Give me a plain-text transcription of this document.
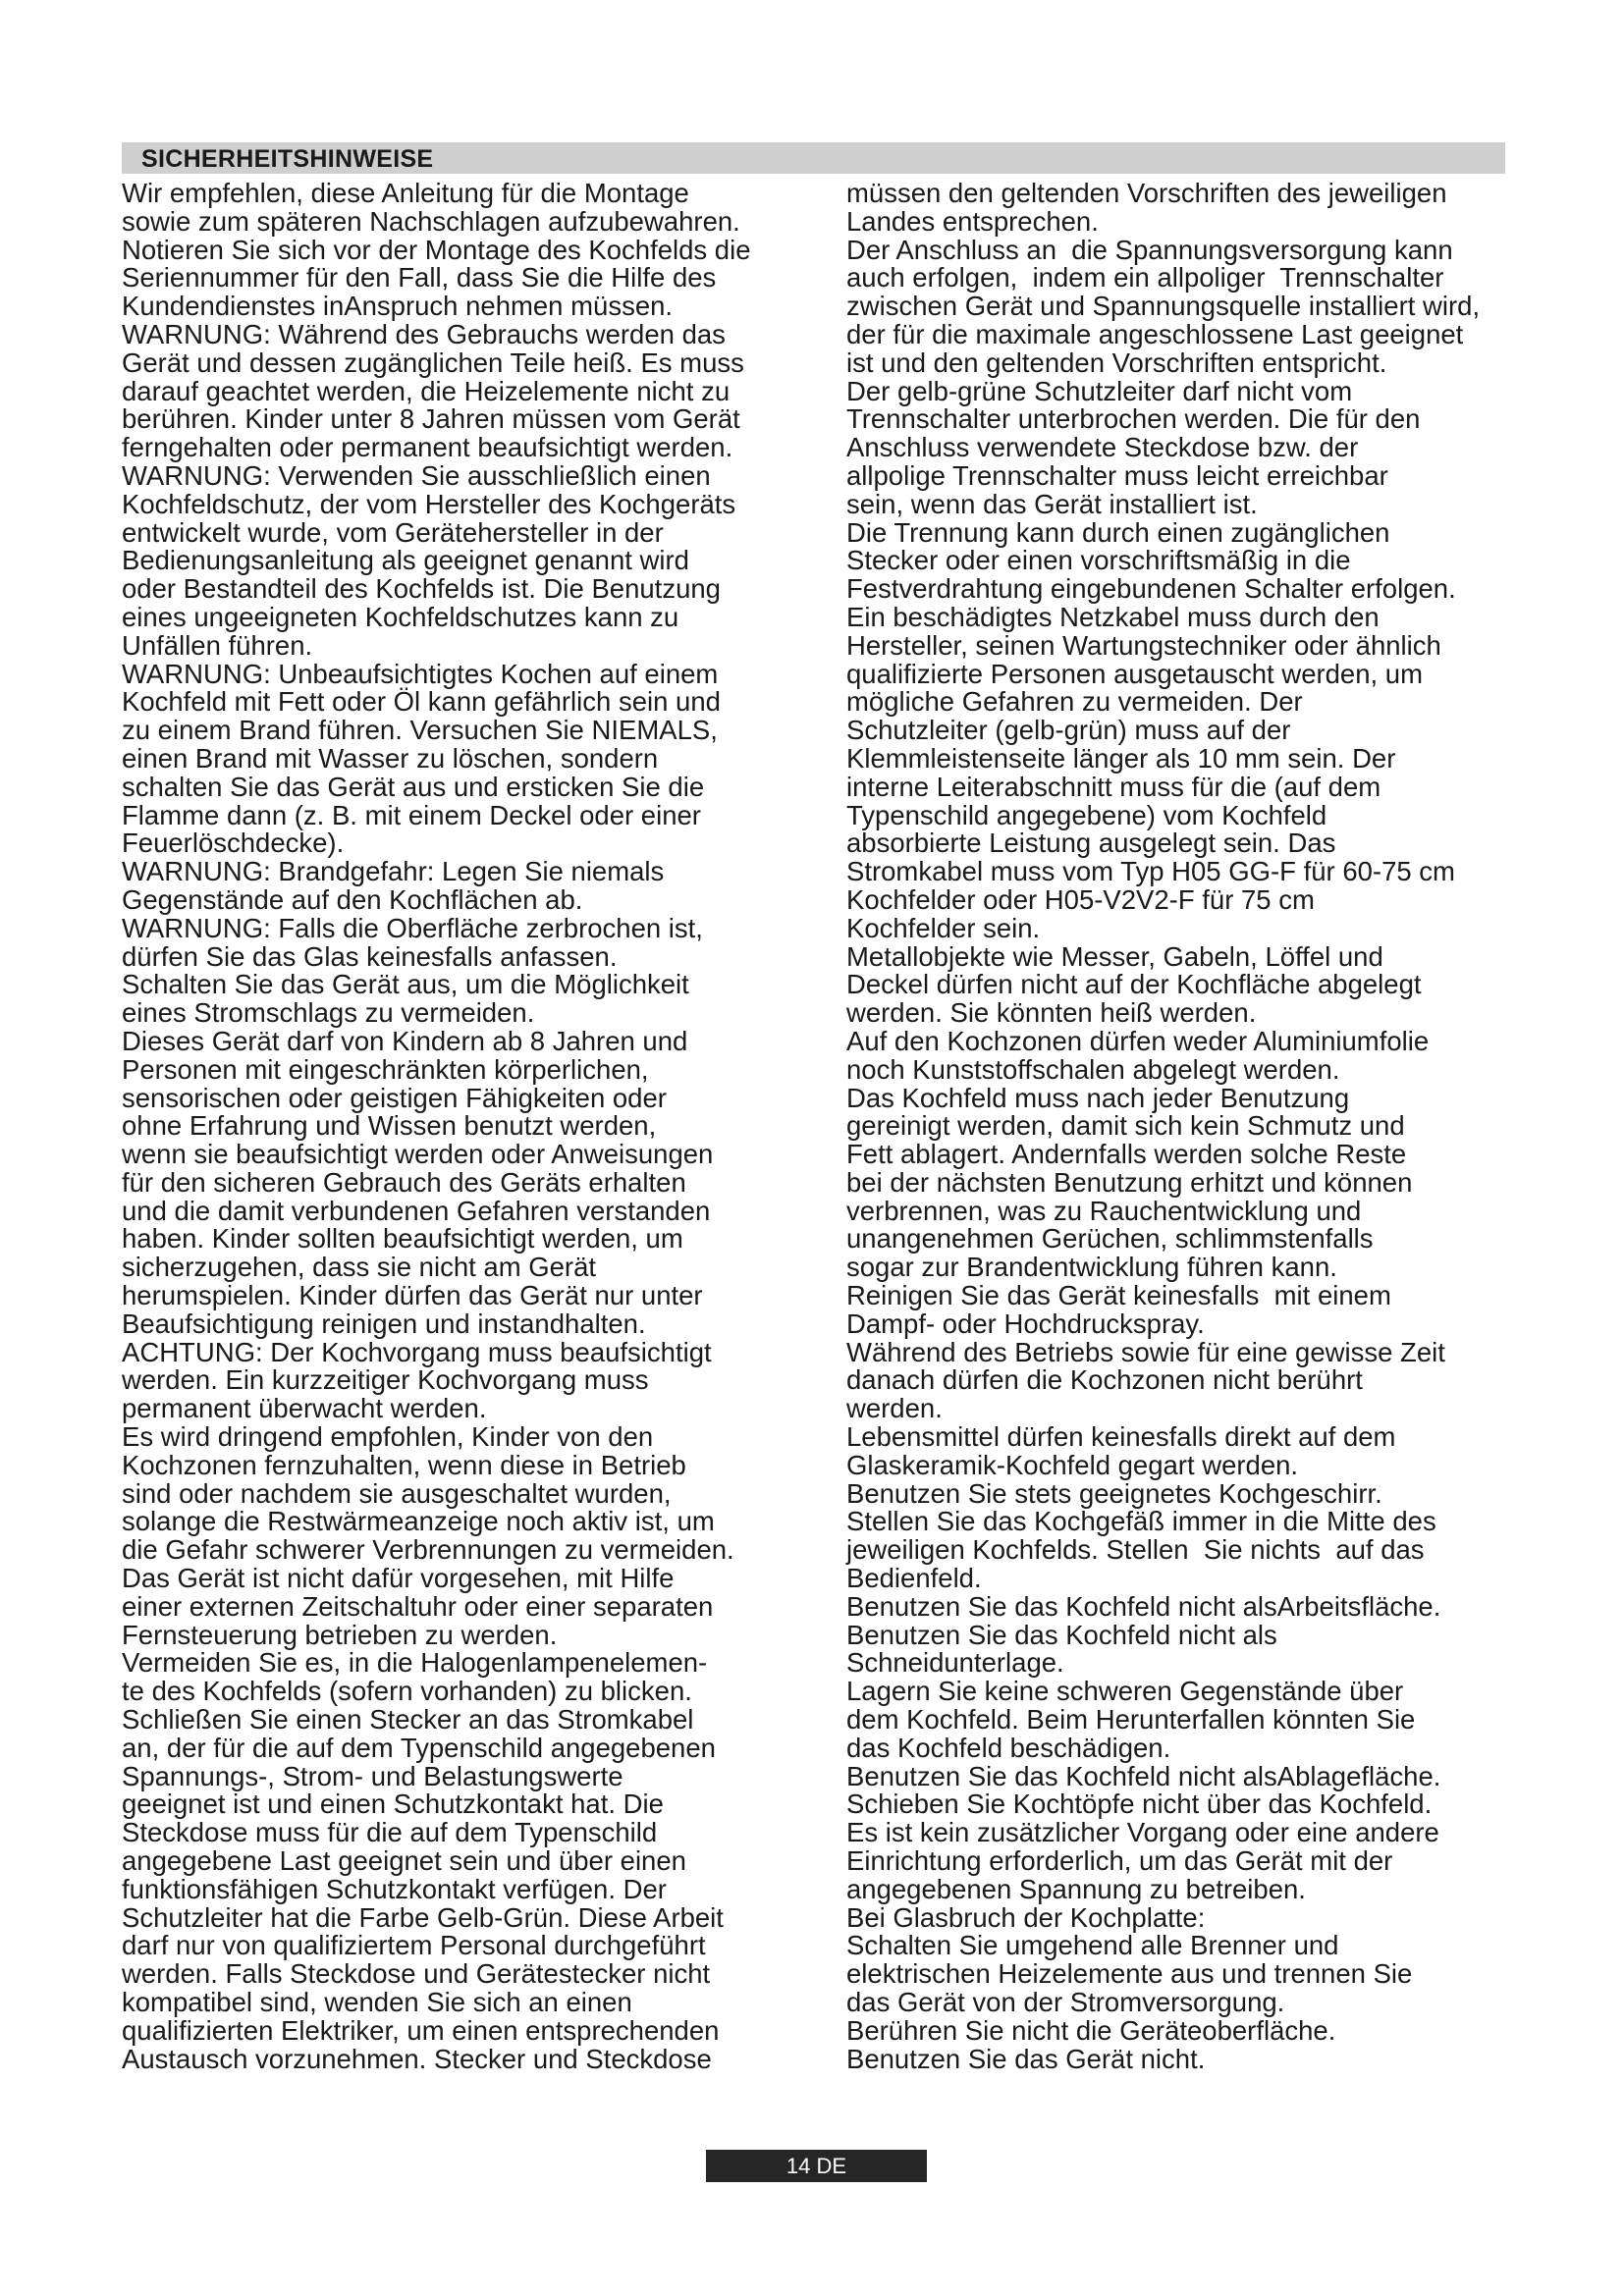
SICHERHEITSHINWEISE
Wir empfehlen, diese Anleitung für die Montage
sowie zum späteren Nachschlagen aufzubewahren.
Notieren Sie sich vor der Montage des Kochfelds die
Seriennummer für den Fall, dass Sie die Hilfe des
Kundendienstes inAnspruch nehmen müssen.
WARNUNG: Während des Gebrauchs werden das
Gerät und dessen zugänglichen Teile heiß. Es muss
darauf geachtet werden, die Heizelemente nicht zu
berühren. Kinder unter 8 Jahren müssen vom Gerät
ferngehalten oder permanent beaufsichtigt werden.
WARNUNG: Verwenden Sie ausschließlich einen
Kochfeldschutz, der vom Hersteller des Kochgeräts
entwickelt wurde, vom Gerätehersteller in der
Bedienungsanleitung als geeignet genannt wird
oder Bestandteil des Kochfelds ist. Die Benutzung
eines ungeeigneten Kochfeldschutzes kann zu
Unfällen führen.
WARNUNG: Unbeaufsichtigtes Kochen auf einem
Kochfeld mit Fett oder Öl kann gefährlich sein und
zu einem Brand führen. Versuchen Sie NIEMALS,
einen Brand mit Wasser zu löschen, sondern
schalten Sie das Gerät aus und ersticken Sie die
Flamme dann (z. B. mit einem Deckel oder einer
Feuerlöschdecke).
WARNUNG: Brandgefahr: Legen Sie niemals
Gegenstände auf den Kochflächen ab.
WARNUNG: Falls die Oberfläche zerbrochen ist,
dürfen Sie das Glas keinesfalls anfassen.
Schalten Sie das Gerät aus, um die Möglichkeit
eines Stromschlags zu vermeiden.
Dieses Gerät darf von Kindern ab 8 Jahren und
Personen mit eingeschränkten körperlichen,
sensorischen oder geistigen Fähigkeiten oder
ohne Erfahrung und Wissen benutzt werden,
wenn sie beaufsichtigt werden oder Anweisungen
für den sicheren Gebrauch des Geräts erhalten
und die damit verbundenen Gefahren verstanden
haben. Kinder sollten beaufsichtigt werden, um
sicherzugehen, dass sie nicht am Gerät
herumspielen. Kinder dürfen das Gerät nur unter
Beaufsichtigung reinigen und instandhalten.
ACHTUNG: Der Kochvorgang muss beaufsichtigt
werden. Ein kurzzeitiger Kochvorgang muss
permanent überwacht werden.
Es wird dringend empfohlen, Kinder von den
Kochzonen fernzuhalten, wenn diese in Betrieb
sind oder nachdem sie ausgeschaltet wurden,
solange die Restwärmeanzeige noch aktiv ist, um
die Gefahr schwerer Verbrennungen zu vermeiden.
Das Gerät ist nicht dafür vorgesehen, mit Hilfe
einer externen Zeitschaltuhr oder einer separaten
Fernsteuerung betrieben zu werden.
Vermeiden Sie es, in die Halogenlampenelemen-
te des Kochfelds (sofern vorhanden) zu blicken.
Schließen Sie einen Stecker an das Stromkabel
an, der für die auf dem Typenschild angegebenen
Spannungs-, Strom- und Belastungswerte
geeignet ist und einen Schutzkontakt hat. Die
Steckdose muss für die auf dem Typenschild
angegebene Last geeignet sein und über einen
funktionsfähigen Schutzkontakt verfügen. Der
Schutzleiter hat die Farbe Gelb-Grün. Diese Arbeit
darf nur von qualifiziertem Personal durchgeführt
werden. Falls Steckdose und Gerätestecker nicht
kompatibel sind, wenden Sie sich an einen
qualifizierten Elektriker, um einen entsprechenden
Austausch vorzunehmen. Stecker und Steckdose
müssen den geltenden Vorschriften des jeweiligen
Landes entsprechen.
Der Anschluss an  die Spannungsversorgung kann
auch erfolgen,  indem ein allpoliger  Trennschalter
zwischen Gerät und Spannungsquelle installiert wird,
der für die maximale angeschlossene Last geeignet
ist und den geltenden Vorschriften entspricht.
Der gelb-grüne Schutzleiter darf nicht vom
Trennschalter unterbrochen werden. Die für den
Anschluss verwendete Steckdose bzw. der
allpolige Trennschalter muss leicht erreichbar
sein, wenn das Gerät installiert ist.
Die Trennung kann durch einen zugänglichen
Stecker oder einen vorschriftsmäßig in die
Festverdrahtung eingebundenen Schalter erfolgen.
Ein beschädigtes Netzkabel muss durch den
Hersteller, seinen Wartungstechniker oder ähnlich
qualifizierte Personen ausgetauscht werden, um
mögliche Gefahren zu vermeiden. Der
Schutzleiter (gelb-grün) muss auf der
Klemmleistenseite länger als 10 mm sein. Der
interne Leiterabschnitt muss für die (auf dem
Typenschild angegebene) vom Kochfeld
absorbierte Leistung ausgelegt sein. Das
Stromkabel muss vom Typ H05 GG-F für 60-75 cm
Kochfelder oder H05-V2V2-F für 75 cm
Kochfelder sein.
Metallobjekte wie Messer, Gabeln, Löffel und
Deckel dürfen nicht auf der Kochfläche abgelegt
werden. Sie könnten heiß werden.
Auf den Kochzonen dürfen weder Aluminiumfolie
noch Kunststoffschalen abgelegt werden.
Das Kochfeld muss nach jeder Benutzung
gereinigt werden, damit sich kein Schmutz und
Fett ablagert. Andernfalls werden solche Reste
bei der nächsten Benutzung erhitzt und können
verbrennen, was zu Rauchentwicklung und
unangenehmen Gerüchen, schlimmstenfalls
sogar zur Brandentwicklung führen kann.
Reinigen Sie das Gerät keinesfalls  mit einem
Dampf- oder Hochdruckspray.
Während des Betriebs sowie für eine gewisse Zeit
danach dürfen die Kochzonen nicht berührt
werden.
Lebensmittel dürfen keinesfalls direkt auf dem
Glaskeramik-Kochfeld gegart werden.
Benutzen Sie stets geeignetes Kochgeschirr.
Stellen Sie das Kochgefäß immer in die Mitte des
jeweiligen Kochfelds. Stellen  Sie nichts  auf das
Bedienfeld.
Benutzen Sie das Kochfeld nicht alsArbeitsfläche.
Benutzen Sie das Kochfeld nicht als
Schneidunterlage.
Lagern Sie keine schweren Gegenstände über
dem Kochfeld. Beim Herunterfallen könnten Sie
das Kochfeld beschädigen.
Benutzen Sie das Kochfeld nicht alsAblagefläche.
Schieben Sie Kochtöpfe nicht über das Kochfeld.
Es ist kein zusätzlicher Vorgang oder eine andere
Einrichtung erforderlich, um das Gerät mit der
angegebenen Spannung zu betreiben.
Bei Glasbruch der Kochplatte:
Schalten Sie umgehend alle Brenner und
elektrischen Heizelemente aus und trennen Sie
das Gerät von der Stromversorgung.
Berühren Sie nicht die Geräteoberfläche.
Benutzen Sie das Gerät nicht.
14 DE
